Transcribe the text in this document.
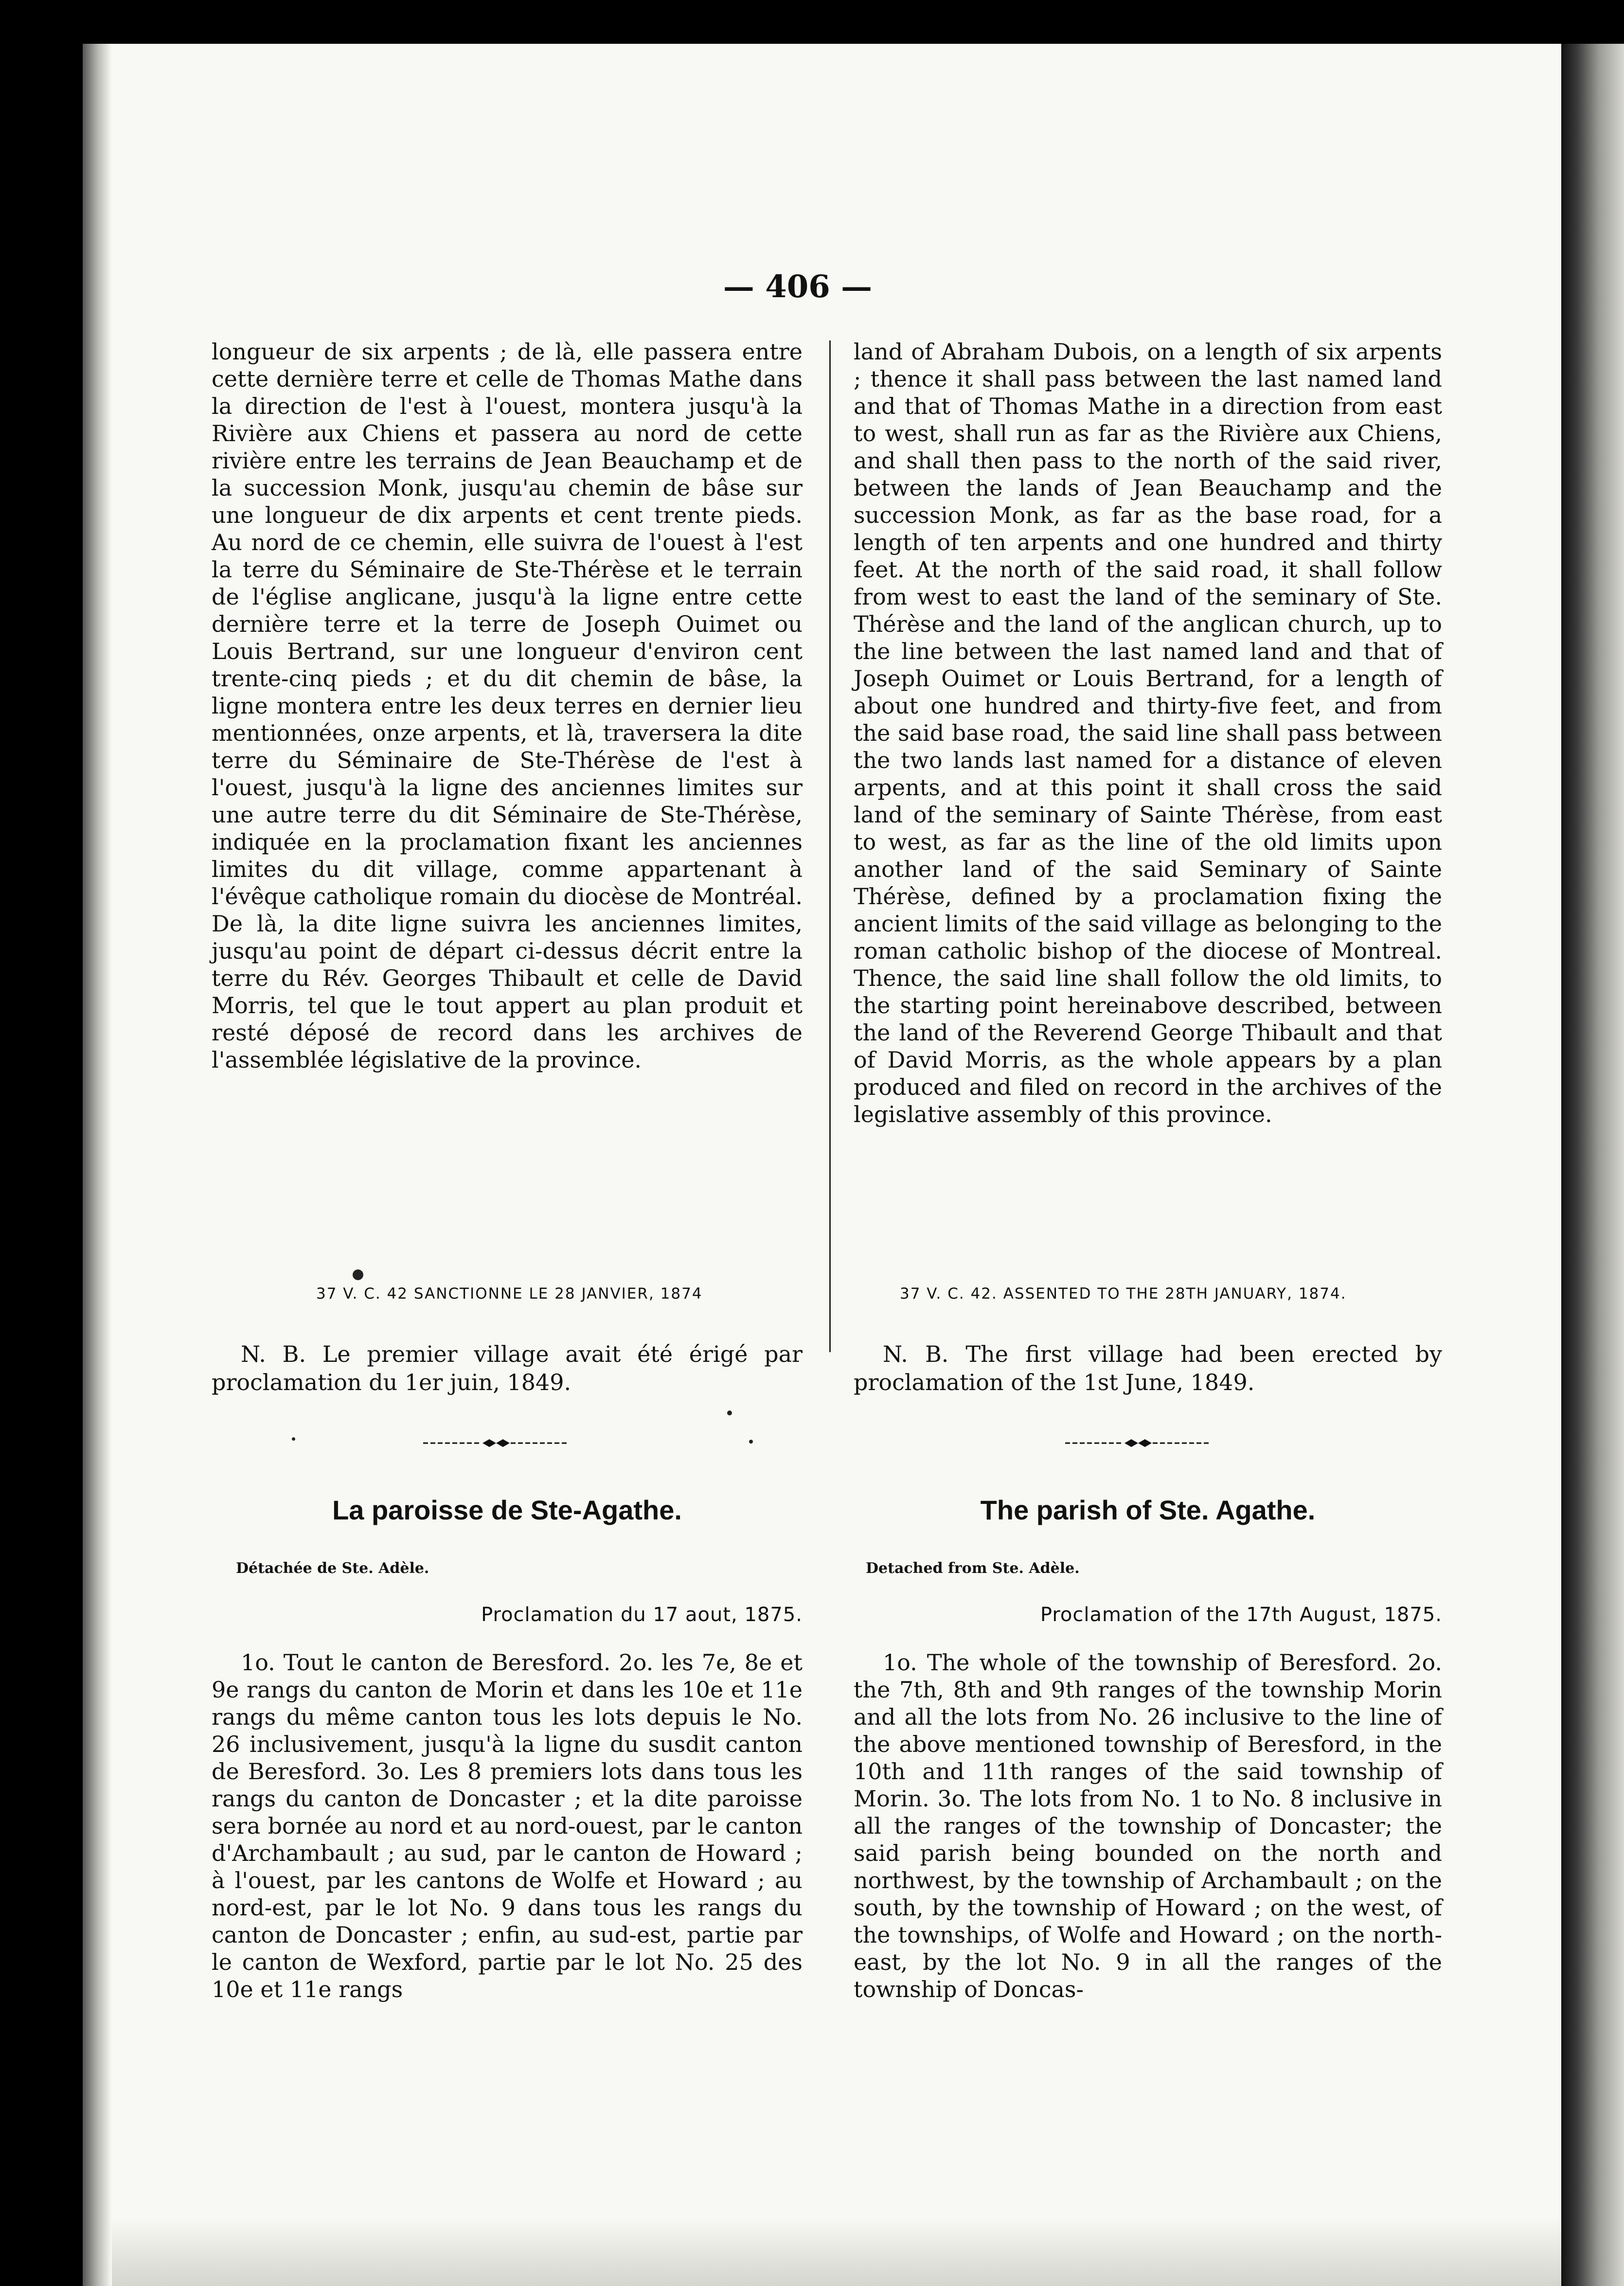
— 406 —

longueur de six arpents ; de là, elle passera entre cette dernière terre et celle de Thomas Mathe dans la direction de l'est à l'ouest, montera jusqu'à la Rivière aux Chiens et passera au nord de cette rivière entre les terrains de Jean Beauchamp et de la succession Monk, jusqu'au chemin de bâse sur une longueur de dix arpents et cent trente pieds. Au nord de ce chemin, elle suivra de l'ouest à l'est la terre du Séminaire de Ste-Thérèse et le terrain de l'église anglicane, jusqu'à la ligne entre cette dernière terre et la terre de Joseph Ouimet ou Louis Bertrand, sur une longueur d'environ cent trente-cinq pieds ; et du dit chemin de bâse, la ligne montera entre les deux terres en dernier lieu mentionnées, onze arpents, et là, traversera la dite terre du Séminaire de Ste-Thérèse de l'est à l'ouest, jusqu'à la ligne des anciennes limites sur une autre terre du dit Séminaire de Ste-Thérèse, indiquée en la proclamation fixant les anciennes limites du dit village, comme appartenant à l'évêque catholique romain du diocèse de Montréal. De là, la dite ligne suivra les anciennes limites, jusqu'au point de départ ci-dessus décrit entre la terre du Rév. Georges Thibault et celle de David Morris, tel que le tout appert au plan produit et resté déposé de record dans les archives de l'assemblée législative de la province.

land of Abraham Dubois, on a length of six arpents ; thence it shall pass between the last named land and that of Thomas Mathe in a direction from east to west, shall run as far as the Rivière aux Chiens, and shall then pass to the north of the said river, between the lands of Jean Beauchamp and the succession Monk, as far as the base road, for a length of ten arpents and one hundred and thirty feet. At the north of the said road, it shall follow from west to east the land of the seminary of Ste. Thérèse and the land of the anglican church, up to the line between the last named land and that of Joseph Ouimet or Louis Bertrand, for a length of about one hundred and thirty-five feet, and from the said base road, the said line shall pass between the two lands last named for a distance of eleven arpents, and at this point it shall cross the said land of the seminary of Sainte Thérèse, from east to west, as far as the line of the old limits upon another land of the said Seminary of Sainte Thérèse, defined by a proclamation fixing the ancient limits of the said village as belonging to the roman catholic bishop of the diocese of Montreal. Thence, the said line shall follow the old limits, to the starting point hereinabove described, between the land of the Reverend George Thibault and that of David Morris, as the whole appears by a plan produced and filed on record in the archives of the legislative assembly of this province.

37 V. C. 42 SANCTIONNE LE 28 JANVIER, 1874	37 V. C. 42. ASSENTED TO THE 28TH JANUARY, 1874.
N. B. Le premier village avait été érigé par proclamation du 1er juin, 1849.
N. B. The first village had been erected by proclamation of the 1st June, 1849.
La paroisse de Ste-Agathe.	The parish of Ste. Agathe.
Détachée de Ste. Adèle.	Detached from Ste. Adèle.
Proclamation du 17 aout, 1875.	Proclamation of the 17th August, 1875.

1o. Tout le canton de Beresford. 2o. les 7e, 8e et 9e rangs du canton de Morin et dans les 10e et 11e rangs du même canton tous les lots depuis le No. 26 inclusivement, jusqu'à la ligne du susdit canton de Beresford. 3o. Les 8 premiers lots dans tous les rangs du canton de Doncaster ; et la dite paroisse sera bornée au nord et au nord-ouest, par le canton d'Archambault ; au sud, par le canton de Howard ; à l'ouest, par les cantons de Wolfe et Howard ; au nord-est, par le lot No. 9 dans tous les rangs du canton de Doncaster ; enfin, au sud-est, partie par le canton de Wexford, partie par le lot No. 25 des 10e et 11e rangs

1o. The whole of the township of Beresford. 2o. the 7th, 8th and 9th ranges of the township Morin and all the lots from No. 26 inclusive to the line of the above mentioned township of Beresford, in the 10th and 11th ranges of the said township of Morin. 3o. The lots from No. 1 to No. 8 inclusive in all the ranges of the township of Doncaster; the said parish being bounded on the north and northwest, by the township of Archambault ; on the south, by the township of Howard ; on the west, of the townships, of Wolfe and Howard ; on the north-east, by the lot No. 9 in all the ranges of the township of Doncas-
